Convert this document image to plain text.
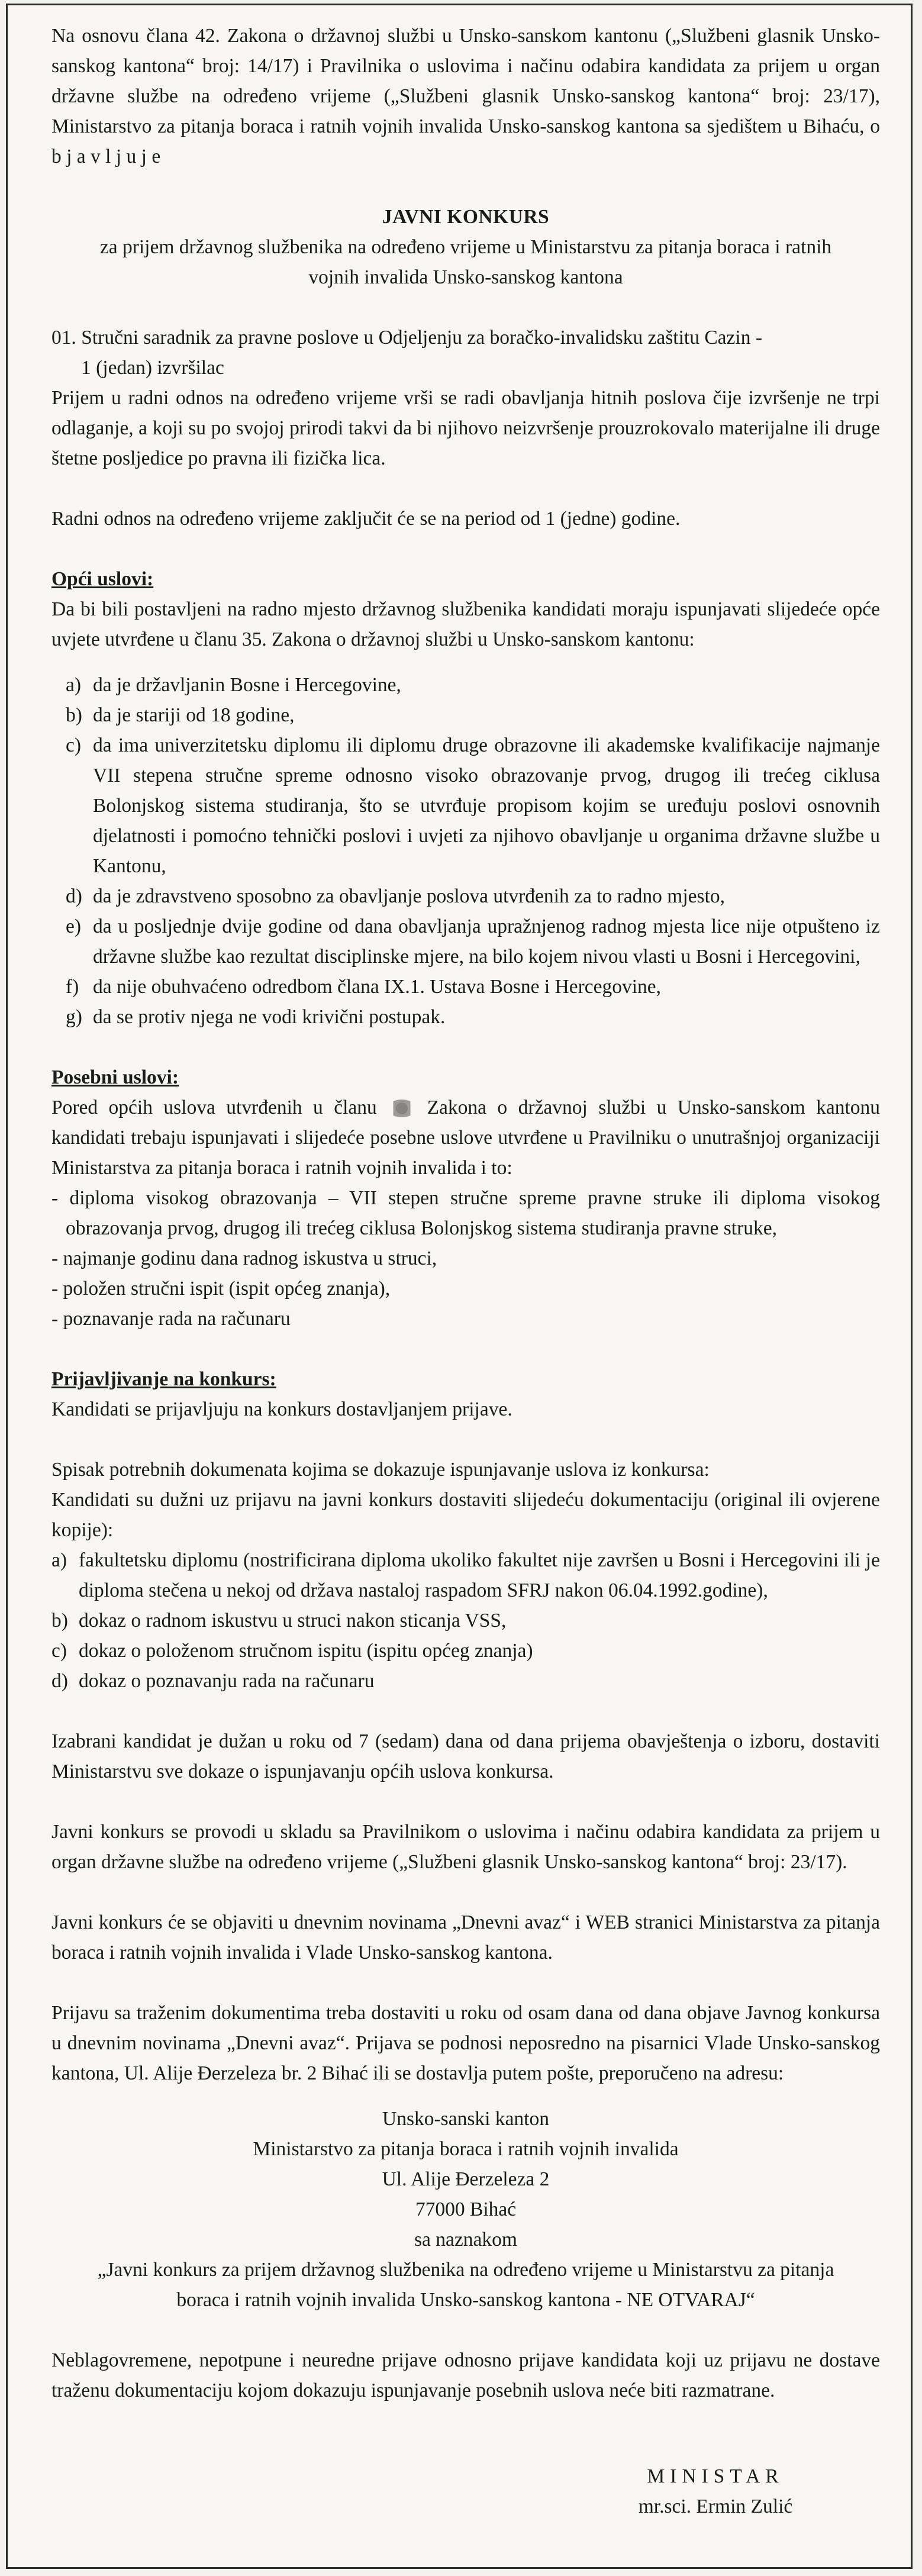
Na osnovu člana 42. Zakona o državnoj službi u Unsko-sanskom kantonu („Službeni glasnik Unsko-sanskog kantona“ broj: 14/17) i Pravilnika o uslovima i načinu odabira kandidata za prijem u organ državne službe na određeno vrijeme („Službeni glasnik Unsko-sanskog kantona“ broj: 23/17), Ministarstvo za pitanja boraca i ratnih vojnih invalida Unsko-sanskog kantona sa sjedištem u Bihaću, o b j a v l j u j e

JAVNI KONKURS

za prijem državnog službenika na određeno vrijeme u Ministarstvu za pitanja boraca i ratnih vojnih invalida Unsko-sanskog kantona

01. Stručni saradnik za pravne poslove u Odjeljenju za boračko-invalidsku zaštitu Cazin -

1 (jedan) izvršilac

Prijem u radni odnos na određeno vrijeme vrši se radi obavljanja hitnih poslova čije izvršenje ne trpi odlaganje, a koji su po svojoj prirodi takvi da bi njihovo neizvršenje prouzrokovalo materijalne ili druge štetne posljedice po pravna ili fizička lica.

Radni odnos na određeno vrijeme zaključit će se na period od 1 (jedne) godine.

Opći uslovi:

Da bi bili postavljeni na radno mjesto državnog službenika kandidati moraju ispunjavati slijedeće opće uvjete utvrđene u članu 35. Zakona o državnoj službi u Unsko-sanskom kantonu:

a) da je državljanin Bosne i Hercegovine,
b) da je stariji od 18 godine,
c) da ima univerzitetsku diplomu ili diplomu druge obrazovne ili akademske kvalifikacije najmanje VII stepena stručne spreme odnosno visoko obrazovanje prvog, drugog ili trećeg ciklusa Bolonjskog sistema studiranja, što se utvrđuje propisom kojim se uređuju poslovi osnovnih djelatnosti i pomoćno tehnički poslovi i uvjeti za njihovo obavljanje u organima državne službe u Kantonu,
d) da je zdravstveno sposobno za obavljanje poslova utvrđenih za to radno mjesto,
e) da u posljednje dvije godine od dana obavljanja upražnjenog radnog mjesta lice nije otpušteno iz državne službe kao rezultat disciplinske mjere, na bilo kojem nivou vlasti u Bosni i Hercegovini,
f) da nije obuhvaćeno odredbom člana IX.1. Ustava Bosne i Hercegovine,
g) da se protiv njega ne vodi krivični postupak.

Posebni uslovi:

Pored općih uslova utvrđenih u članu	Zakona o državnoj službi u Unsko-sanskom kantonu kandidati trebaju ispunjavati i slijedeće posebne uslove utvrđene u Pravilniku o unutrašnjoj organizaciji Ministarstva za pitanja boraca i ratnih vojnih invalida i to:

- diploma visokog obrazovanja – VII stepen stručne spreme pravne struke ili diploma visokog obrazovanja prvog, drugog ili trećeg ciklusa Bolonjskog sistema studiranja pravne struke,
- najmanje godinu dana radnog iskustva u struci,
- položen stručni ispit (ispit općeg znanja),
- poznavanje rada na računaru

Prijavljivanje na konkurs:

Kandidati se prijavljuju na konkurs dostavljanjem prijave.

Spisak potrebnih dokumenata kojima se dokazuje ispunjavanje uslova iz konkursa:

Kandidati su dužni uz prijavu na javni konkurs dostaviti slijedeću dokumentaciju (original ili ovjerene kopije):

a) fakultetsku diplomu (nostrificirana diploma ukoliko fakultet nije završen u Bosni i Hercegovini ili je diploma stečena u nekoj od država nastaloj raspadom SFRJ nakon 06.04.1992.godine),
b) dokaz o radnom iskustvu u struci nakon sticanja VSS,
c) dokaz o položenom stručnom ispitu (ispitu općeg znanja)
d) dokaz o poznavanju rada na računaru

Izabrani kandidat je dužan u roku od 7 (sedam) dana od dana prijema obavještenja o izboru, dostaviti Ministarstvu sve dokaze o ispunjavanju općih uslova konkursa.

Javni konkurs se provodi u skladu sa Pravilnikom o uslovima i načinu odabira kandidata za prijem u organ državne službe na određeno vrijeme („Službeni glasnik Unsko-sanskog kantona“ broj: 23/17).

Javni konkurs će se objaviti u dnevnim novinama „Dnevni avaz“ i WEB stranici Ministarstva za pitanja boraca i ratnih vojnih invalida i Vlade Unsko-sanskog kantona.

Prijavu sa traženim dokumentima treba dostaviti u roku od osam dana od dana objave Javnog konkursa u dnevnim novinama „Dnevni avaz“. Prijava se podnosi neposredno na pisarnici Vlade Unsko-sanskog kantona, Ul. Alije Đerzeleza br. 2 Bihać ili se dostavlja putem pošte, preporučeno na adresu:

Unsko-sanski kanton

Ministarstvo za pitanja boraca i ratnih vojnih invalida

Ul. Alije Đerzeleza 2

77000 Bihać

sa naznakom

„Javni konkurs za prijem državnog službenika na određeno vrijeme u Ministarstvu za pitanja boraca i ratnih vojnih invalida Unsko-sanskog kantona - NE OTVARAJ“

Neblagovremene, nepotpune i neuredne prijave odnosno prijave kandidata koji uz prijavu ne dostave traženu dokumentaciju kojom dokazuju ispunjavanje posebnih uslova neće biti razmatrane.

MINISTAR
mr.sci. Ermin Zulić
